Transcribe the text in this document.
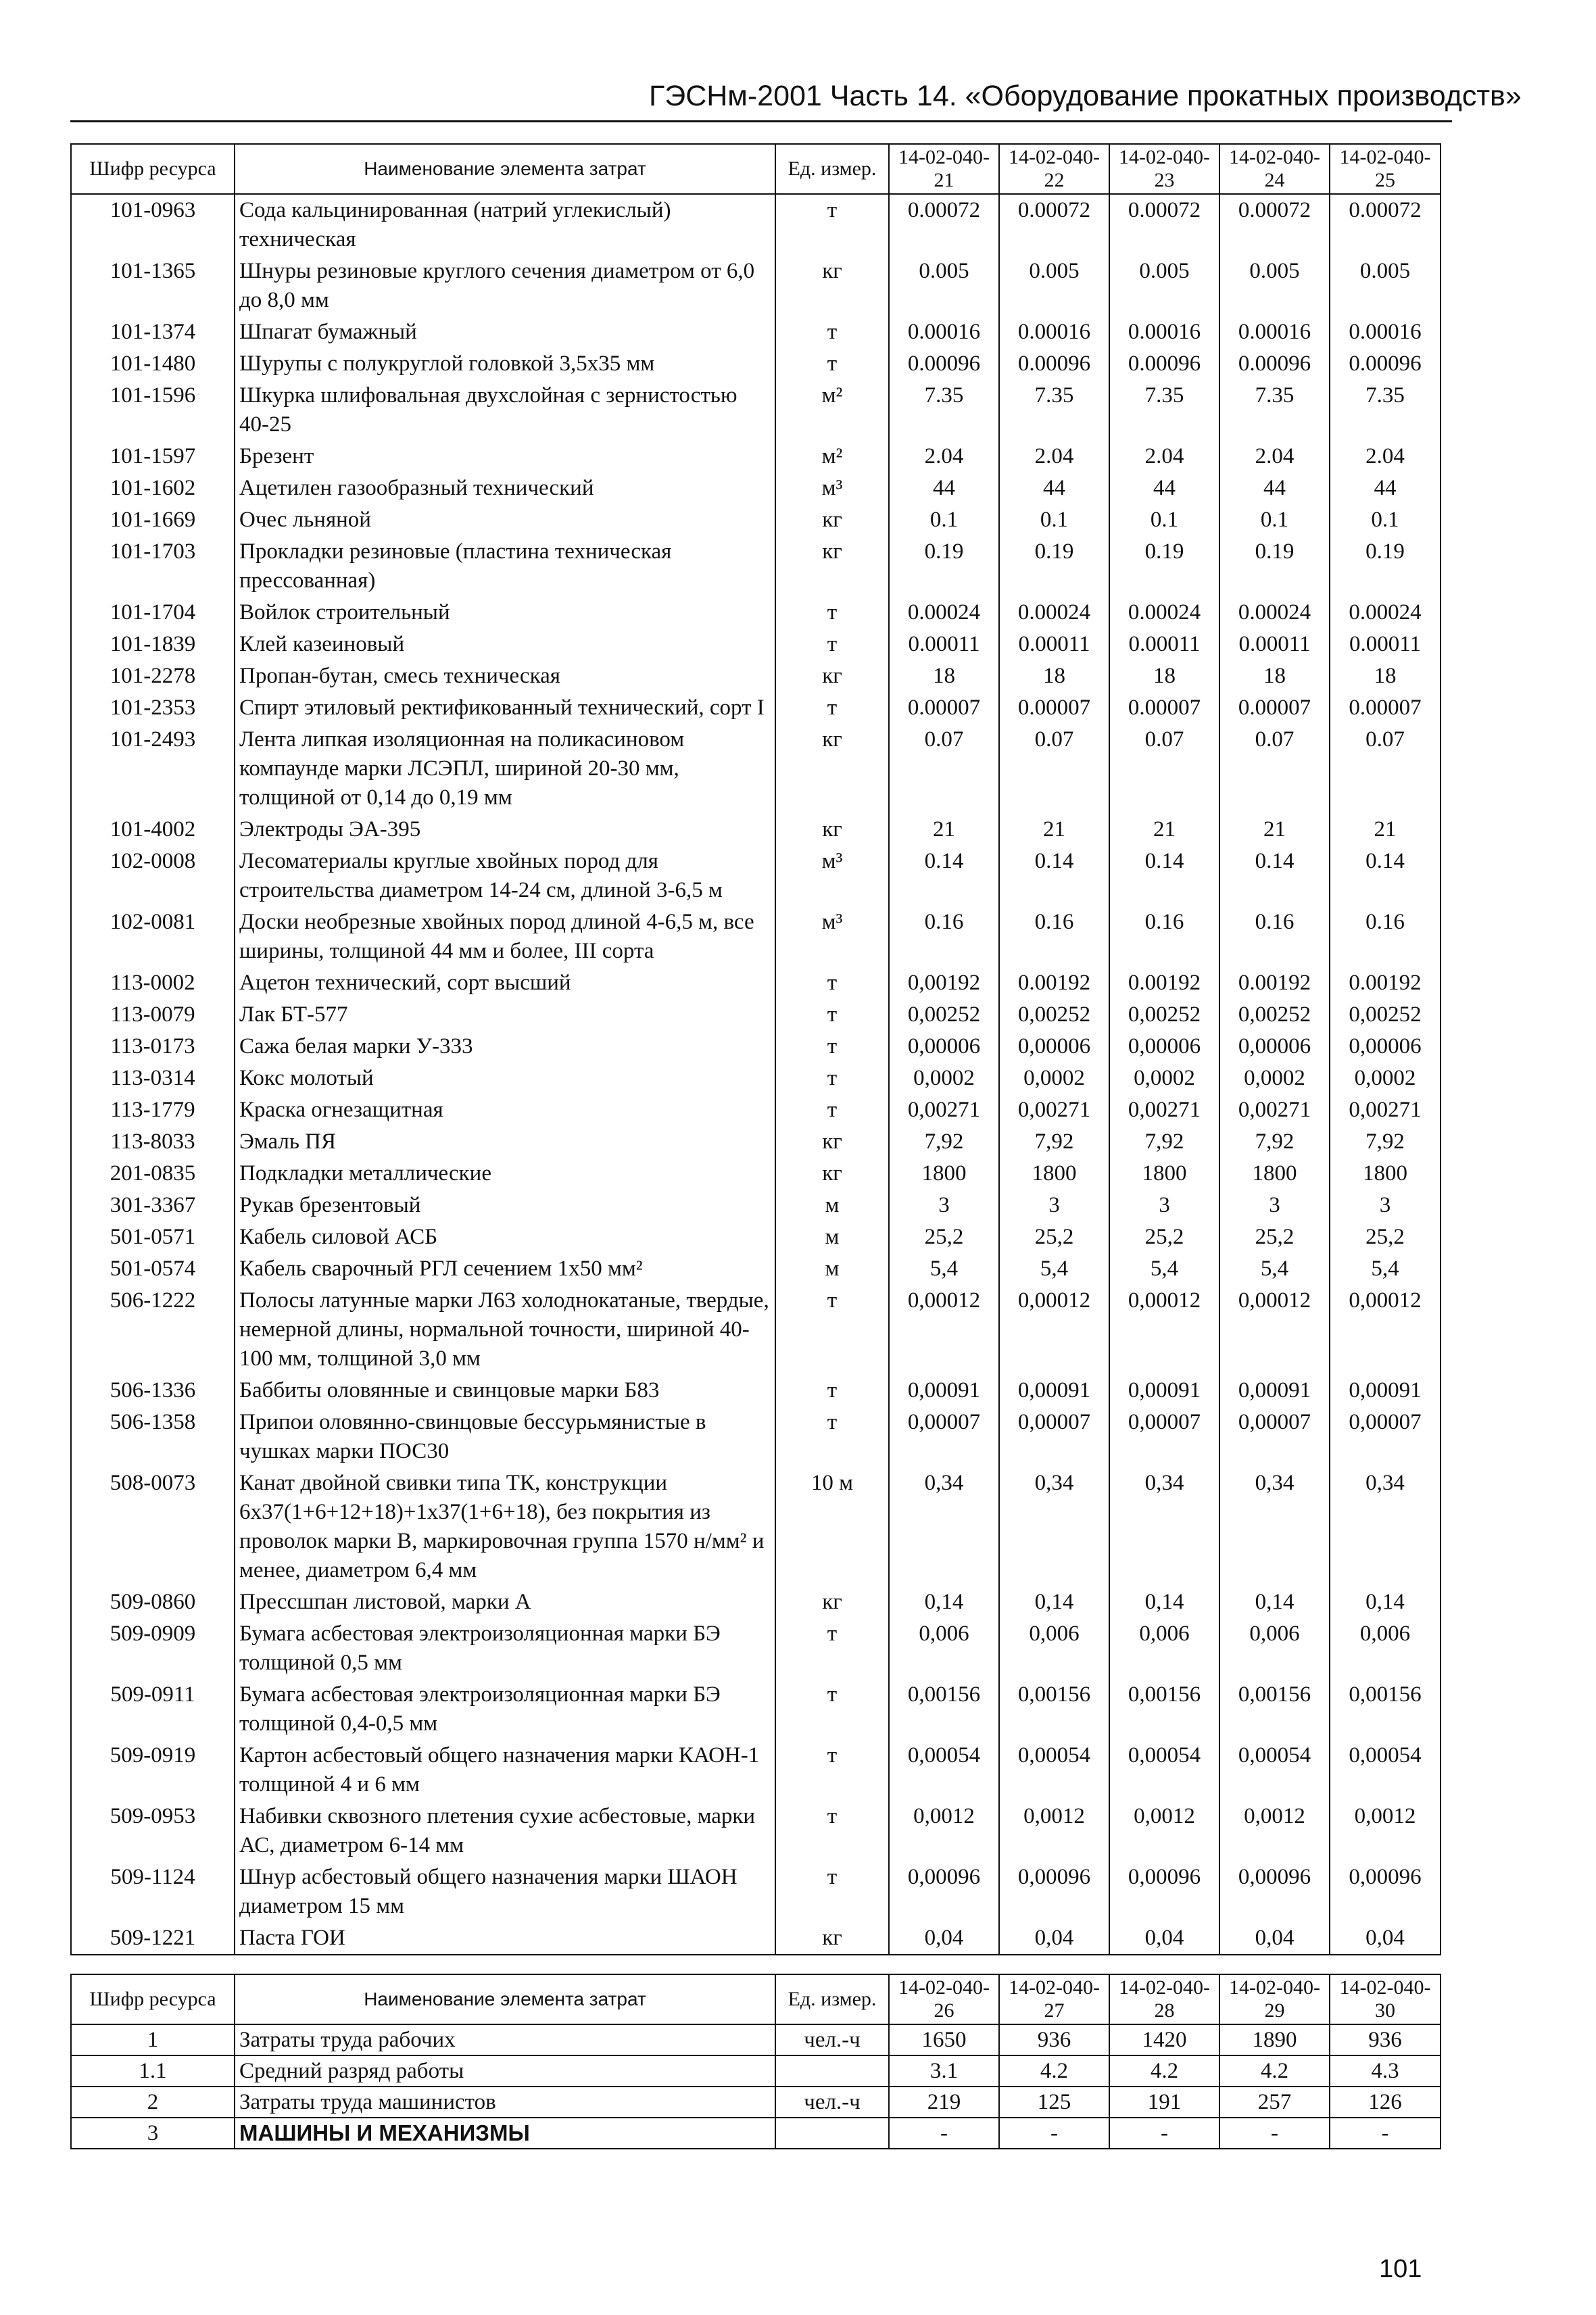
ГЭСНм-2001 Часть 14. «Оборудование прокатных производств»
Шифр ресурса	Наименование элемента затрат	Ед. измер.	14-02-040-21	14-02-040-22	14-02-040-23	14-02-040-24	14-02-040-25
101-0963	Сода кальцинированная (натрий углекислый) техническая	т	0.00072	0.00072	0.00072	0.00072	0.00072
101-1365	Шнуры резиновые круглого сечения диаметром от 6,0 до 8,0 мм	кг	0.005	0.005	0.005	0.005	0.005
101-1374	Шпагат бумажный	т	0.00016	0.00016	0.00016	0.00016	0.00016
101-1480	Шурупы с полукруглой головкой 3,5х35 мм	т	0.00096	0.00096	0.00096	0.00096	0.00096
101-1596	Шкурка шлифовальная двухслойная с зернистостью 40-25	м²	7.35	7.35	7.35	7.35	7.35
101-1597	Брезент	м²	2.04	2.04	2.04	2.04	2.04
101-1602	Ацетилен газообразный технический	м³	44	44	44	44	44
101-1669	Очес льняной	кг	0.1	0.1	0.1	0.1	0.1
101-1703	Прокладки резиновые (пластина техническая прессованная)	кг	0.19	0.19	0.19	0.19	0.19
101-1704	Войлок строительный	т	0.00024	0.00024	0.00024	0.00024	0.00024
101-1839	Клей казеиновый	т	0.00011	0.00011	0.00011	0.00011	0.00011
101-2278	Пропан-бутан, смесь техническая	кг	18	18	18	18	18
101-2353	Спирт этиловый ректификованный технический, сорт I	т	0.00007	0.00007	0.00007	0.00007	0.00007
101-2493	Лента липкая изоляционная на поликасиновом компаунде марки ЛСЭПЛ, шириной 20-30 мм, толщиной от 0,14 до 0,19 мм	кг	0.07	0.07	0.07	0.07	0.07
101-4002	Электроды ЭА-395	кг	21	21	21	21	21
102-0008	Лесоматериалы круглые хвойных пород для строительства диаметром 14-24 см, длиной 3-6,5 м	м³	0.14	0.14	0.14	0.14	0.14
102-0081	Доски необрезные хвойных пород длиной 4-6,5 м, все ширины, толщиной 44 мм и более, III сорта	м³	0.16	0.16	0.16	0.16	0.16
113-0002	Ацетон технический, сорт высший	т	0,00192	0.00192	0.00192	0.00192	0.00192
113-0079	Лак БТ-577	т	0,00252	0,00252	0,00252	0,00252	0,00252
113-0173	Сажа белая марки У-333	т	0,00006	0,00006	0,00006	0,00006	0,00006
113-0314	Кокс молотый	т	0,0002	0,0002	0,0002	0,0002	0,0002
113-1779	Краска огнезащитная	т	0,00271	0,00271	0,00271	0,00271	0,00271
113-8033	Эмаль ПЯ	кг	7,92	7,92	7,92	7,92	7,92
201-0835	Подкладки металлические	кг	1800	1800	1800	1800	1800
301-3367	Рукав брезентовый	м	3	3	3	3	3
501-0571	Кабель силовой АСБ	м	25,2	25,2	25,2	25,2	25,2
501-0574	Кабель сварочный РГЛ сечением 1х50 мм²	м	5,4	5,4	5,4	5,4	5,4
506-1222	Полосы латунные марки Л63 холоднокатаные, твердые, немерной длины, нормальной точности, шириной 40-100 мм, толщиной 3,0 мм	т	0,00012	0,00012	0,00012	0,00012	0,00012
506-1336	Баббиты оловянные и свинцовые марки Б83	т	0,00091	0,00091	0,00091	0,00091	0,00091
506-1358	Припои оловянно-свинцовые бессурьмянистые в чушках марки ПОС30	т	0,00007	0,00007	0,00007	0,00007	0,00007
508-0073	Канат двойной свивки типа ТК, конструкции 6х37(1+6+12+18)+1х37(1+6+18), без покрытия из проволок марки В, маркировочная группа 1570 н/мм² и менее, диаметром 6,4 мм	10 м	0,34	0,34	0,34	0,34	0,34
509-0860	Прессшпан листовой, марки А	кг	0,14	0,14	0,14	0,14	0,14
509-0909	Бумага асбестовая электроизоляционная марки БЭ толщиной 0,5 мм	т	0,006	0,006	0,006	0,006	0,006
509-0911	Бумага асбестовая электроизоляционная марки БЭ толщиной 0,4-0,5 мм	т	0,00156	0,00156	0,00156	0,00156	0,00156
509-0919	Картон асбестовый общего назначения марки КАОН-1 толщиной 4 и 6 мм	т	0,00054	0,00054	0,00054	0,00054	0,00054
509-0953	Набивки сквозного плетения сухие асбестовые, марки АС, диаметром 6-14 мм	т	0,0012	0,0012	0,0012	0,0012	0,0012
509-1124	Шнур асбестовый общего назначения марки ШАОН диаметром 15 мм	т	0,00096	0,00096	0,00096	0,00096	0,00096
509-1221	Паста ГОИ	кг	0,04	0,04	0,04	0,04	0,04
Шифр ресурса	Наименование элемента затрат	Ед. измер.	14-02-040-26	14-02-040-27	14-02-040-28	14-02-040-29	14-02-040-30
1	Затраты труда рабочих	чел.-ч	1650	936	1420	1890	936
1.1	Средний разряд работы		3.1	4.2	4.2	4.2	4.3
2	Затраты труда машинистов	чел.-ч	219	125	191	257	126
3	МАШИНЫ И МЕХАНИЗМЫ		-	-	-	-	-
101
